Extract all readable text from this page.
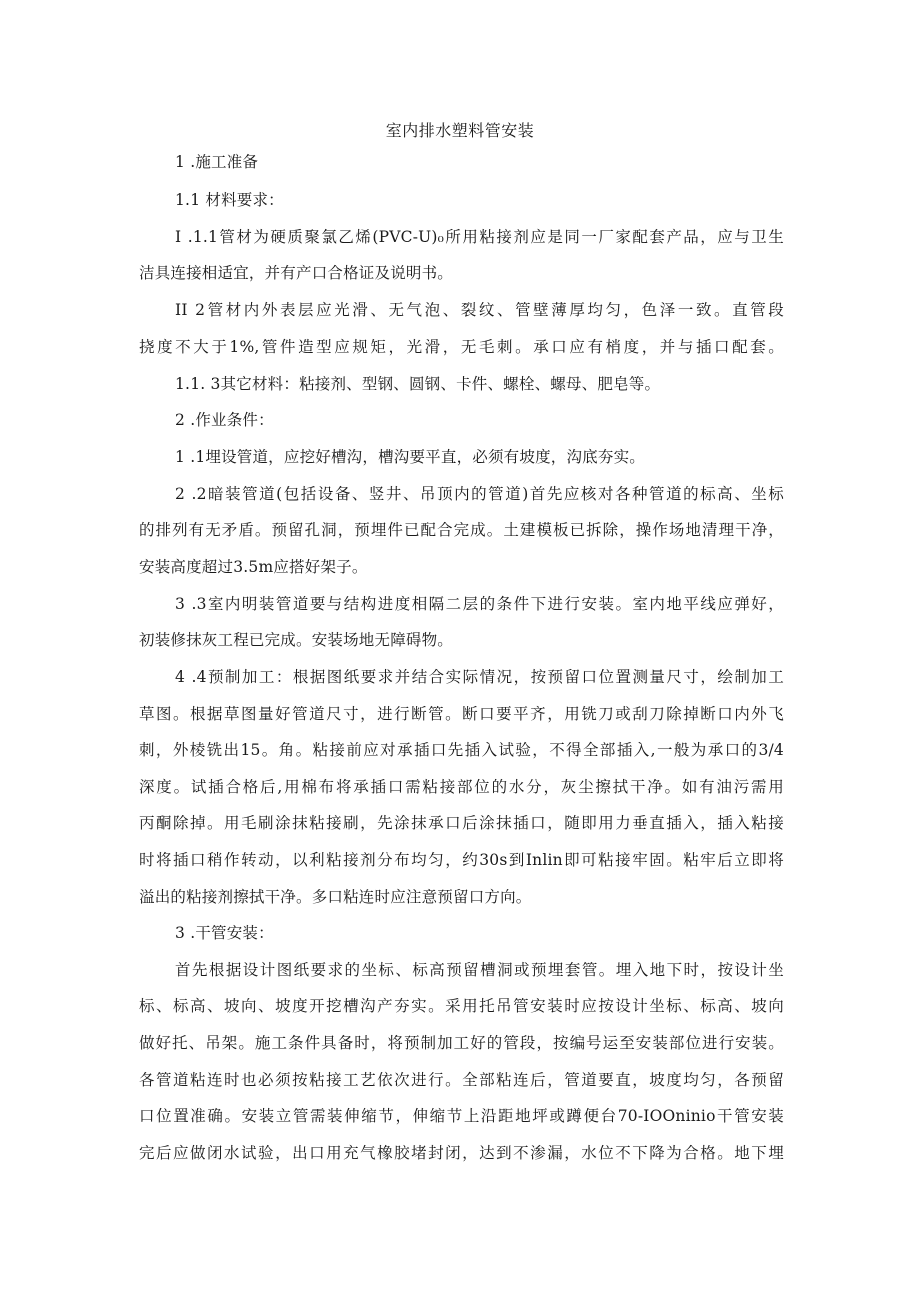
室内排水塑料管安装
1 .施工准备
1.1 材料要求：
I .1.1管材为硬质聚氯乙烯(PVC-U)₀所用粘接剂应是同一厂家配套产品，应与卫生
洁具连接相适宜，并有产口合格证及说明书。
II 2管材内外表层应光滑、无气泡、裂纹、管壁薄厚均匀，色泽一致。直管段
挠度不大于1%,管件造型应规矩，光滑，无毛刺。承口应有梢度，并与插口配套。
1.1. 3其它材料：粘接剂、型钢、圆钢、卡件、螺栓、螺母、肥皂等。
2 .作业条件：
1 .1埋设管道，应挖好槽沟，槽沟要平直，必须有坡度，沟底夯实。
2 .2暗装管道(包括设备、竖井、吊顶内的管道)首先应核对各种管道的标高、坐标
的排列有无矛盾。预留孔洞，预埋件已配合完成。土建模板已拆除，操作场地清理干净，
安装高度超过3.5m应搭好架子。
3 .3室内明装管道要与结构进度相隔二层的条件下进行安装。室内地平线应弹好，
初装修抹灰工程已完成。安装场地无障碍物。
4 .4预制加工：根据图纸要求并结合实际情况，按预留口位置测量尺寸，绘制加工
草图。根据草图量好管道尺寸，进行断管。断口要平齐，用铣刀或刮刀除掉断口内外飞
刺，外棱铣出15。角。粘接前应对承插口先插入试验，不得全部插入,一般为承口的3/4
深度。试插合格后,用棉布将承插口需粘接部位的水分，灰尘擦拭干净。如有油污需用
丙酮除掉。用毛刷涂抹粘接刷，先涂抹承口后涂抹插口，随即用力垂直插入，插入粘接
时将插口稍作转动，以利粘接剂分布均匀，约30s到Inlin即可粘接牢固。粘牢后立即将
溢出的粘接剂擦拭干净。多口粘连时应注意预留口方向。
3 .干管安装：
首先根据设计图纸要求的坐标、标高预留槽洞或预埋套管。埋入地下时，按设计坐
标、标高、坡向、坡度开挖槽沟产夯实。采用托吊管安装时应按设计坐标、标高、坡向
做好托、吊架。施工条件具备时，将预制加工好的管段，按编号运至安装部位进行安装。
各管道粘连时也必须按粘接工艺依次进行。全部粘连后，管道要直，坡度均匀，各预留
口位置准确。安装立管需装伸缩节，伸缩节上沿距地坪或蹲便台70-IOOninio干管安装
完后应做闭水试验，出口用充气橡胶堵封闭，达到不渗漏，水位不下降为合格。地下埋
